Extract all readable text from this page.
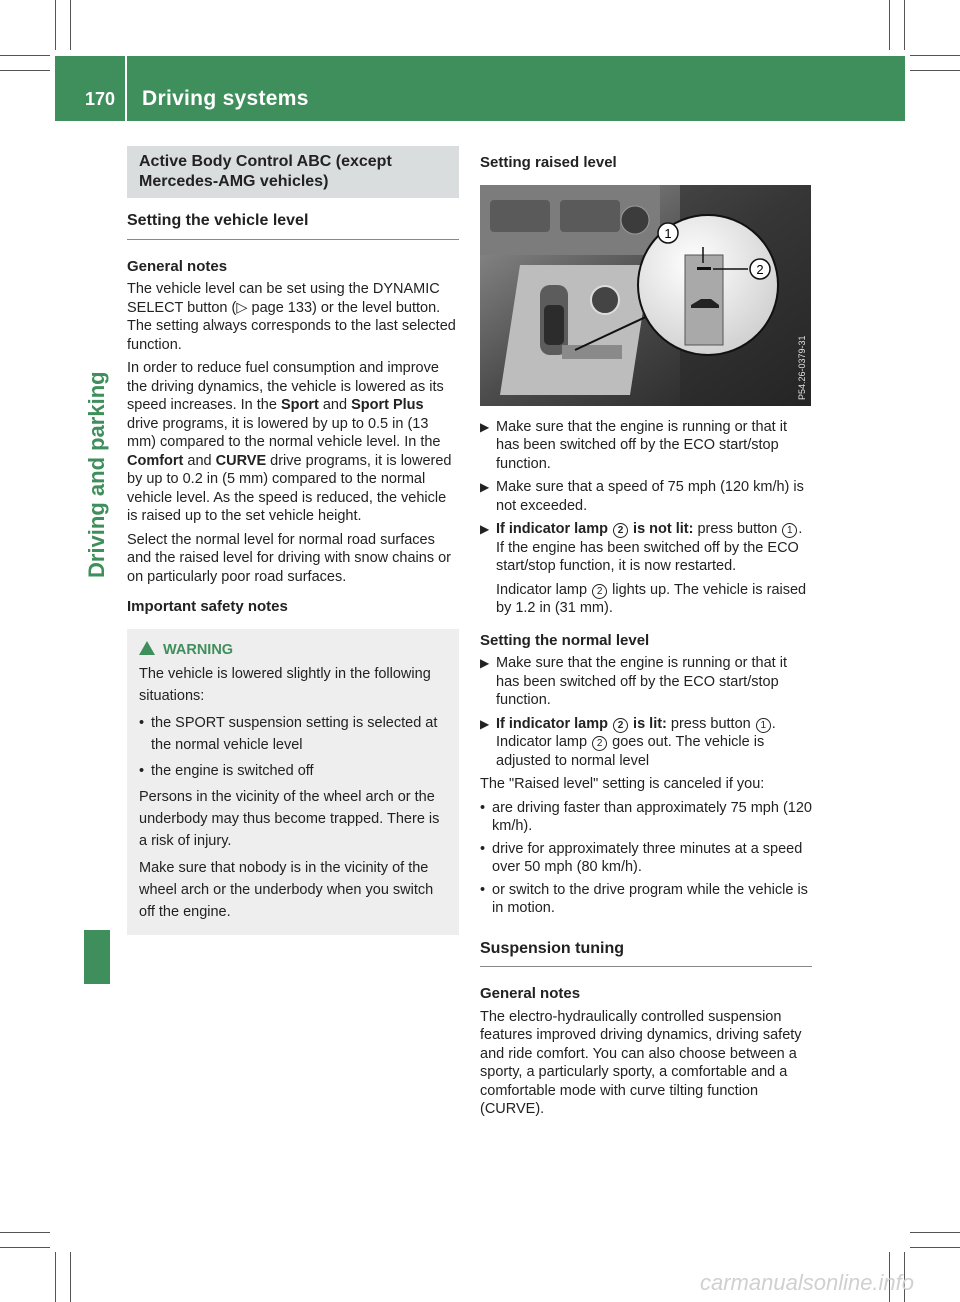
170 Driving systems
Driving and parking
Active Body Control ABC (except Mercedes-AMG vehicles)
Setting the vehicle level
General notes

The vehicle level can be set using the DYNAMIC SELECT button (▷ page 133) or the level button. The setting always corresponds to the last selected function.

In order to reduce fuel consumption and improve the driving dynamics, the vehicle is lowered as its speed increases. In the Sport and Sport Plus drive programs, it is lowered by up to 0.5 in (13 mm) compared to the normal vehicle level. In the Comfort and CURVE drive programs, it is lowered by up to 0.2 in (5 mm) compared to the normal vehicle level. As the speed is reduced, the vehicle is raised up to the set vehicle height.

Select the normal level for normal road surfaces and the raised level for driving with snow chains or on particularly poor road surfaces.

Important safety notes
WARNING

The vehicle is lowered slightly in the following situations:

• the SPORT suspension setting is selected at the normal vehicle level
• the engine is switched off

Persons in the vicinity of the wheel arch or the underbody may thus become trapped. There is a risk of injury.

Make sure that nobody is in the vicinity of the wheel arch or the underbody when you switch off the engine.

Setting raised level
1
2
P54.26-0379-31
▶ Make sure that the engine is running or that it has been switched off by the ECO start/stop function.
▶ Make sure that a speed of 75 mph (120 km/h) is not exceeded.
▶ If indicator lamp 2 is not lit: press button 1 .
If the engine has been switched off by the ECO start/stop function, it is now restarted.
Indicator lamp 2 lights up. The vehicle is raised by 1.2 in (31 mm).
Setting the normal level
▶ Make sure that the engine is running or that it has been switched off by the ECO start/stop function.
▶ If indicator lamp 2 is lit: press button 1 .
Indicator lamp 2 goes out. The vehicle is adjusted to normal level

The "Raised level" setting is canceled if you:

• are driving faster than approximately 75 mph (120 km/h).
• drive for approximately three minutes at a speed over 50 mph (80 km/h).
• or switch to the drive program while the vehicle is in motion.
Suspension tuning
General notes

The electro-hydraulically controlled suspension features improved driving dynamics, driving safety and ride comfort. You can also choose between a sporty, a particularly sporty, a comfortable and a comfortable mode with curve tilting function (CURVE).

carmanualsonline.info
